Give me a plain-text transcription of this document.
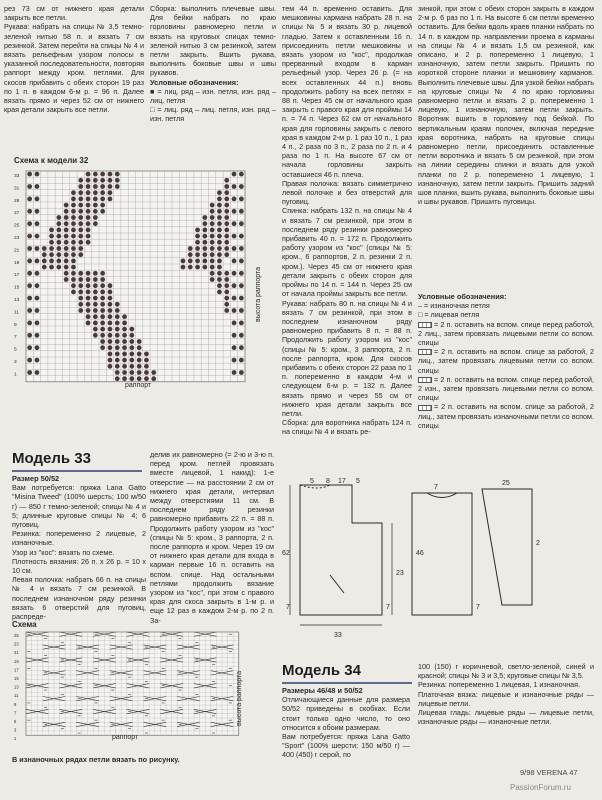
рез 73 см от нижнего края детали закрыть все петли.

Рукава: набрать на спицы № 3,5 темно-зеленой нитью 58 п. и вязать 7 см резинкой. Затем перейти на спицы № 4 и вязать рельефным узором полосы в указанной последовательности, повторяя раппорт между кром. петлями. Для скосов прибавить с обеих сторон 19 раз по 1 п. в каждом 6-м р. = 96 п. Далее вязать прямо и через 52 см от нижнего края детали закрыть все петли.

Сборка: выполнить плечевые швы. Для бейки набрать по краю горловины равномерно петли и вязать на круговых спицах темно-зеленой нитью 3 см резинкой, затем петли закрыть. Вшить рукава, выполнить боковые швы и швы рукавов.

Условные обозначения:

■ = лиц. ряд – изн. петля, изн. ряд – лиц. петля

□ = лиц. ряд – лиц. петля, изн. ряд – изн. петля

Схема к модели 32
33
31
29
27
25
23
21
19
17
15
13
11
9
7
5
3
1
высота раппорта
раппорт

тем 44 п. временно оставить. Для мешковины кармана набрать 28 п. на спицы № 5 и вязать 30 р. лицевой гладью. Затем к оставленным 16 п. присоединить петли мешковины и вязать узором из "кос", продолжая прерванный входом в карман рельефный узор. Через 26 р. (= на всех оставленных 44 п.) вновь продолжить работу на всех петлях = 88 п. Через 45 см от начального края закрыть с правого края для проймы 14 п. = 74 п. Через 62 см от начального края для горловины закрыть с левого края в каждом 2-м р. 1 раз 10 п., 1 раз 4 п., 2 раза по 3 п., 2 раза по 2 п. и 4 раза по 1 п. На высоте 67 см от начала горловины закрыть оставшиеся 46 п. плеча.

Правая полочка: вязать симметрично левой полочке и без отверстий для пуговиц.

Спинка: набрать 132 п. на спицы № 4 и вязать 7 см резинкой, при этом в последнем ряду резинки равномерно прибавить 40 п. = 172 п. Продолжить работу узором из "кос" (спицы № 5: кром., 6 раппортов, 2 п. резинки 2 п. кром.). Через 45 см от нижнего края детали закрыть с обеих сторон для проймы по 14 п. = 144 п. Через 25 см от начала проймы закрыть все петли.

Рукава: набрать 80 п. на спицы № 4 и вязать 7 см резинкой, при этом в последнем изнаночном ряду равномерно прибавить 8 п. = 88 п. Продолжить работу узором из "кос" (спицы № 5: кром., 3 раппорта, 2 п. после раппорта, кром. Для скосов прибавить с обеих сторон 22 раза по 1 п. попеременно в каждом 4-м и следующем 6-м р. = 132 п. Далее вязать прямо и через 55 см от нижнего края детали закрыть все петли.

Сборка: для воротника набрать 124 п. на спицы № 4 и вязать ре-

зинкой, при этом с обеих сторон закрыть в каждом 2-м р. 6 раз по 1 п. На высоте 6 см петли временно оставить. Для бейки вдоль краев планки набрать по 14 п. в каждом пр. направлении проема в карманы на спицы № 4 и вязать 1,5 см резинкой, как описано, и 2 р. попеременно 1 лицевую, 1 изнаночную, затем петли закрыть. Пришить по короткой стороне планки и мешковину карманов. Выполнить плечевые швы. Для узкой бейки набрать на круговые спицы № 4 по краю горловины равномерно петли и вязать 2 р. попеременно 1 лицевую, 1 изнаночную, затем петли закрыть. Воротник вшить в горловину под бейкой. По вертикальным краям полочек, включая передние края воротника, набрать на круговые спицы равномерно петли, присоединить оставленные петли воротника и вязать 5 см резинкой, при этом на линии середины спинки и вязать для узкой планки по 2 р. попеременно 1 лицевую, 1 изнаночную, затем петли закрыть. Пришить задний шов планки, вшить рукава, выполнить боковые швы и швы рукавов. Пришить пуговицы.

Условные обозначения:

– = изнаночная петля

□ = лицевая петля

= 2 п. оставить на вспом. спице перед работой, 2 лиц., затем провязать лицевыми петли со вспом. спицы

= 2 п. оставить на вспом. спице за работой, 2 лиц., затем провязать лицевыми петли со вспом. спицы

= 2 п. оставить на вспом. спице перед работой, 2 изн., затем провязать лицевыми петли со вспом. спицы

= 2 п. оставить на вспом. спице за работой, 2 лиц., затем провязать изнаночными петли со вспом. спицы

Модель 33

Размер 50/52

Вам потребуется: пряжа Lana Gatto "Misina Tweed" (100% шерсть; 100 м/50 г) — 850 г темно-зеленой; спицы № 4 и 5; длинные круговые спицы № 4; 6 пуговиц.

Резинка: попеременно 2 лицевые, 2 изнаночные.

Узор из "кос": вязать по схеме.

Плотность вязания: 26 п. х 26 р. = 10 х 10 см.

Левая полочка: набрать 66 п. на спицы № 4 и вязать 7 см резинкой. В последнем изнаночном ряду резинки вязать 6 отверстий для пуговиц, распреде-

делив их равномерно (= 2-ю и 3-ю п. перед кром. петлей провязать вместе лицевой, 1 накид): 1-е отверстие — на расстоянии 2 см от нижнего края детали, интервал между отверстиями 11 см. В последнем ряду резинки равномерно прибавить 22 п. = 88 п. Продолжить работу узором из "кос" (спицы № 5: кром., 3 раппорта, 2 п. после раппорта и кром. Через 19 см от нижнего края детали для входа в карман первые 16 п. оставить на вспом. спице. Над остальными петлями продолжить вязание узором из "кос", при этом с правого края для скоса закрыть в 1-м р. и еще 12 раз в каждом 2-м р. по 2 п. За-

Схема
25
23
21
19
17
15
13
11
9
7
5
3
1
высота раппорта
раппорт
В изнаночных рядах петли вязать по рисунку.
5 8 17 5
62
33
23
7	7
7
46
7
25
2
Модель 34

Размеры 46/48 и 50/52

Отличающиеся данные для размера 50/52 приведены в скобках. Если стоит только одно число, то оно относится к обоим размерам.

Вам потребуется: пряжа Lana Gatto "Sport" (100% шерсти; 150 м/50 г) — 400 (450) г серой, по

100 (150) г коричневой, светло-зеленой, синей и красной; спицы № 3 и 3,5; круговые спицы № 3,5.

Резинка: попеременно 1 лицевая, 1 изнаночная.

Платочная вязка: лицевые и изнаночные ряды — лицевые петли.

Лицевая гладь: лицевые ряды — лицевые петли, изнаночные ряды — изнаночные петли.

9/98 VERENA 47
PassionForum.ru
